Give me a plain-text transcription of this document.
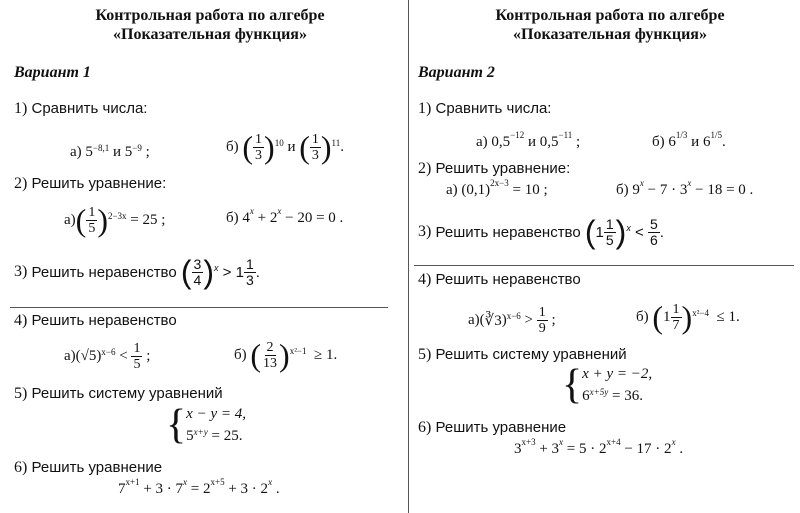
Контрольная работа по алгебре
«Показательная функция»
Вариант 1
1) Сравнить числа:
а)
$5^{-8,1}$
и
$5^{-9}$
;	б)
( $\frac{1}{3} )^{10}$
и
( $\frac{1}{3} )^{11}$ .
2) Решить уравнение:
а) ( $\frac{1}{5} )^{2-3x}$
= 25 ;	б) $4^x + 2^x - 20 = 0$ .
3)
Решить неравенство
( $\frac{3}{4}$ ) $^x$
> $1 \frac{1}{3}$ .
4) Решить неравенство
а) ( √5 )$^{x-6}$
<
$\frac{1}{5}$
;	б)
( $\frac{2}{13} )^{x^2-1}$
≥ 1.
5) Решить систему уравнений
{ x − y = 4,
$5^{x+y} = 25$.
6) Решить уравнение
$7^{x+1} + 3 \cdot 7^x = 2^{x+5} + 3 \cdot 2^x$ .
Контрольная работа по алгебре
«Показательная функция»
Вариант 2
1) Сравнить числа:
а) $0,5^{-12}$ и $0,5^{-11}$ ;	б) $6^{1/3}$ и $6^{1/5}$.
2) Решить уравнение:
а) $(0,1)^{2x-3} = 10$ ;	б) $9^x - 7 \cdot 3^x - 18 = 0$ .
3)
Решить неравенство
( $1 \frac{1}{5}$ ) $^x$
<
$\frac{5}{6}$ .
4) Решить неравенство
а) ( ∛3 )$^{x-6}$
>
$\frac{1}{9}$
;	б)
( $1 \frac{1}{7} )^{x^2-4}$
≤ 1.
5) Решить систему уравнений
{ x + y = −2,
$6^{x+5y} = 36$.
6) Решить уравнение
$3^{x+3} + 3^x = 5 \cdot 2^{x+4} - 17 \cdot 2^x$ .
